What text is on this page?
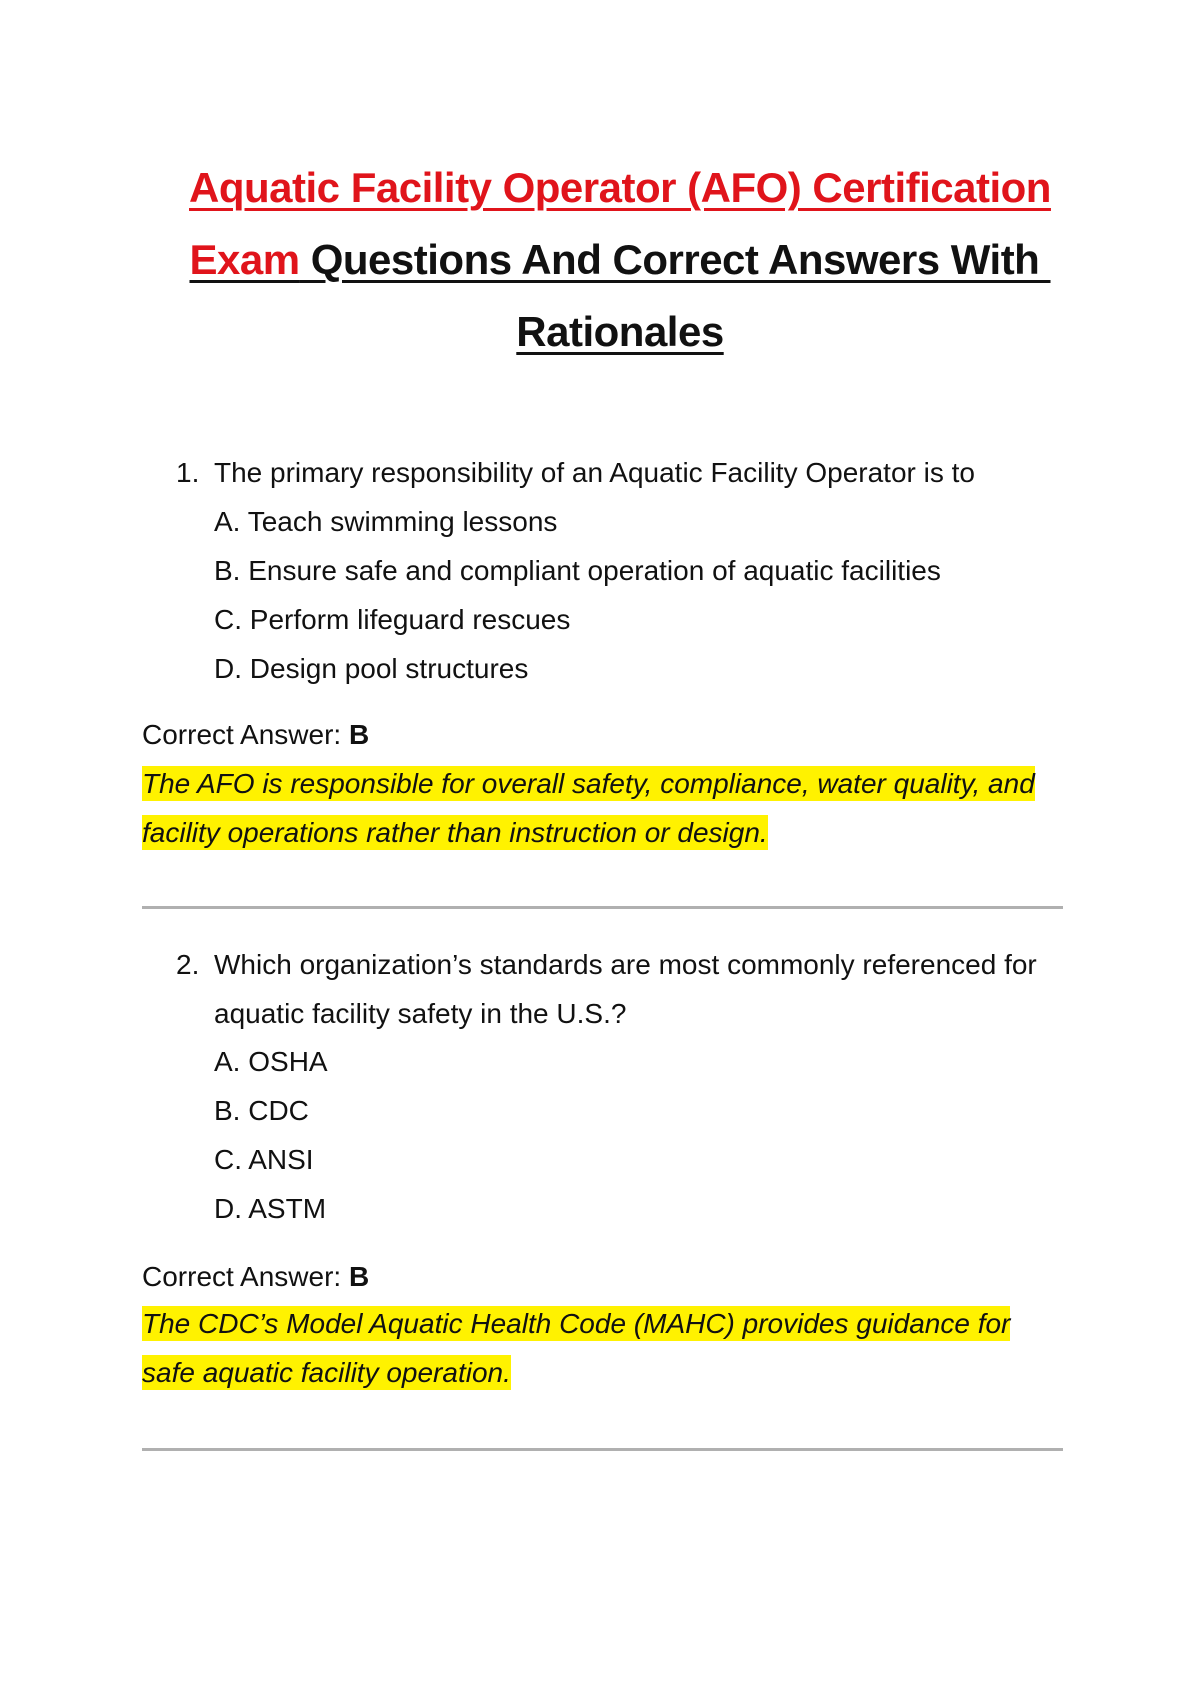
Aquatic Facility Operator (AFO) Certification
Exam Questions And Correct Answers With
Rationales
1. The primary responsibility of an Aquatic Facility Operator is to
A. Teach swimming lessons
B. Ensure safe and compliant operation of aquatic facilities
C. Perform lifeguard rescues
D. Design pool structures
Correct Answer: B
The AFO is responsible for overall safety, compliance, water quality, and
facility operations rather than instruction or design.
2. Which organization’s standards are most commonly referenced for aquatic facility safety in the U.S.?
A. OSHA
B. CDC
C. ANSI
D. ASTM
Correct Answer: B
The CDC’s Model Aquatic Health Code (MAHC) provides guidance for
safe aquatic facility operation.
